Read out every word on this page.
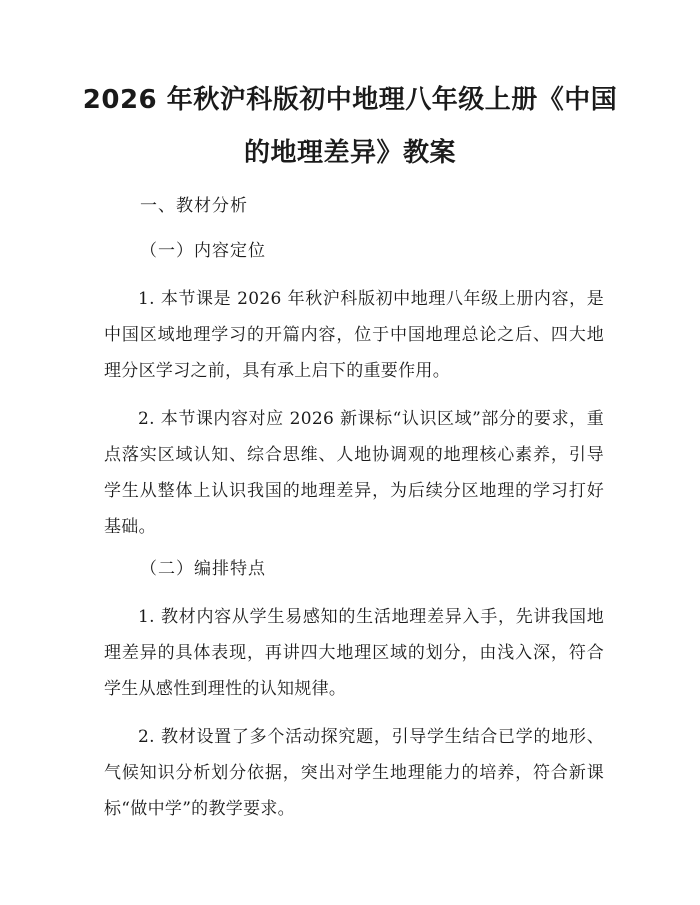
2026 年秋沪科版初中地理八年级上册《中国
的地理差异》教案

一、教材分析

（一）内容定位

1. 本节课是 2026 年秋沪科版初中地理八年级上册内容，是中国区域地理学习的开篇内容，位于中国地理总论之后、四大地理分区学习之前，具有承上启下的重要作用。

2. 本节课内容对应 2026 新课标“认识区域”部分的要求，重点落实区域认知、综合思维、人地协调观的地理核心素养，引导学生从整体上认识我国的地理差异，为后续分区地理的学习打好基础。

（二）编排特点

1. 教材内容从学生易感知的生活地理差异入手，先讲我国地理差异的具体表现，再讲四大地理区域的划分，由浅入深，符合学生从感性到理性的认知规律。

2. 教材设置了多个活动探究题，引导学生结合已学的地形、气候知识分析划分依据，突出对学生地理能力的培养，符合新课标“做中学”的教学要求。
